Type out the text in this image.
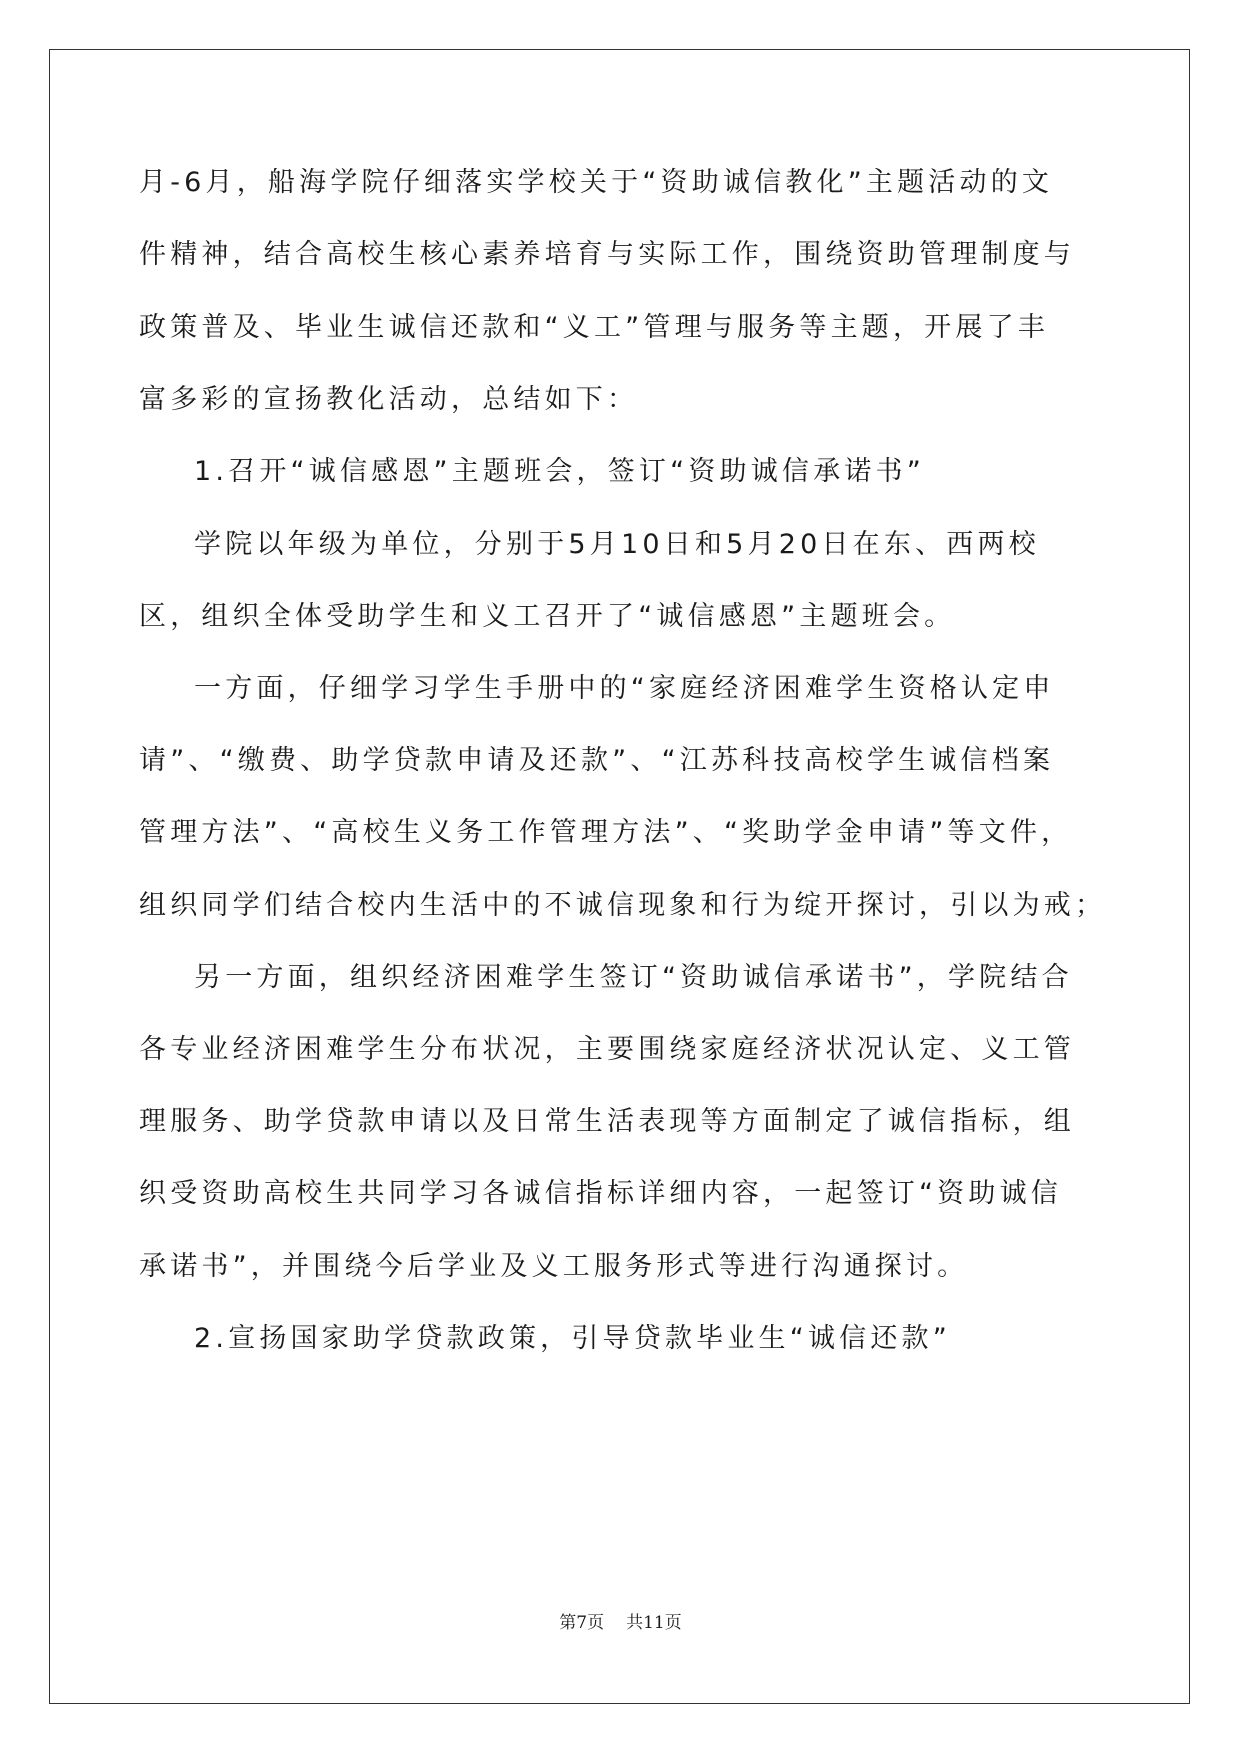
月-6月，船海学院仔细落实学校关于“资助诚信教化”主题活动的文
件精神，结合高校生核心素养培育与实际工作，围绕资助管理制度与
政策普及、毕业生诚信还款和“义工”管理与服务等主题，开展了丰
富多彩的宣扬教化活动，总结如下：
1.召开“诚信感恩”主题班会，签订“资助诚信承诺书”
学院以年级为单位，分别于5月10日和5月20日在东、西两校
区，组织全体受助学生和义工召开了“诚信感恩”主题班会。
一方面，仔细学习学生手册中的“家庭经济困难学生资格认定申
请”、“缴费、助学贷款申请及还款”、“江苏科技高校学生诚信档案
管理方法”、“高校生义务工作管理方法”、“奖助学金申请”等文件，
组织同学们结合校内生活中的不诚信现象和行为绽开探讨，引以为戒；
另一方面，组织经济困难学生签订“资助诚信承诺书”，学院结合
各专业经济困难学生分布状况，主要围绕家庭经济状况认定、义工管
理服务、助学贷款申请以及日常生活表现等方面制定了诚信指标，组
织受资助高校生共同学习各诚信指标详细内容，一起签订“资助诚信
承诺书”，并围绕今后学业及义工服务形式等进行沟通探讨。
2.宣扬国家助学贷款政策，引导贷款毕业生“诚信还款”
第7页 共11页
